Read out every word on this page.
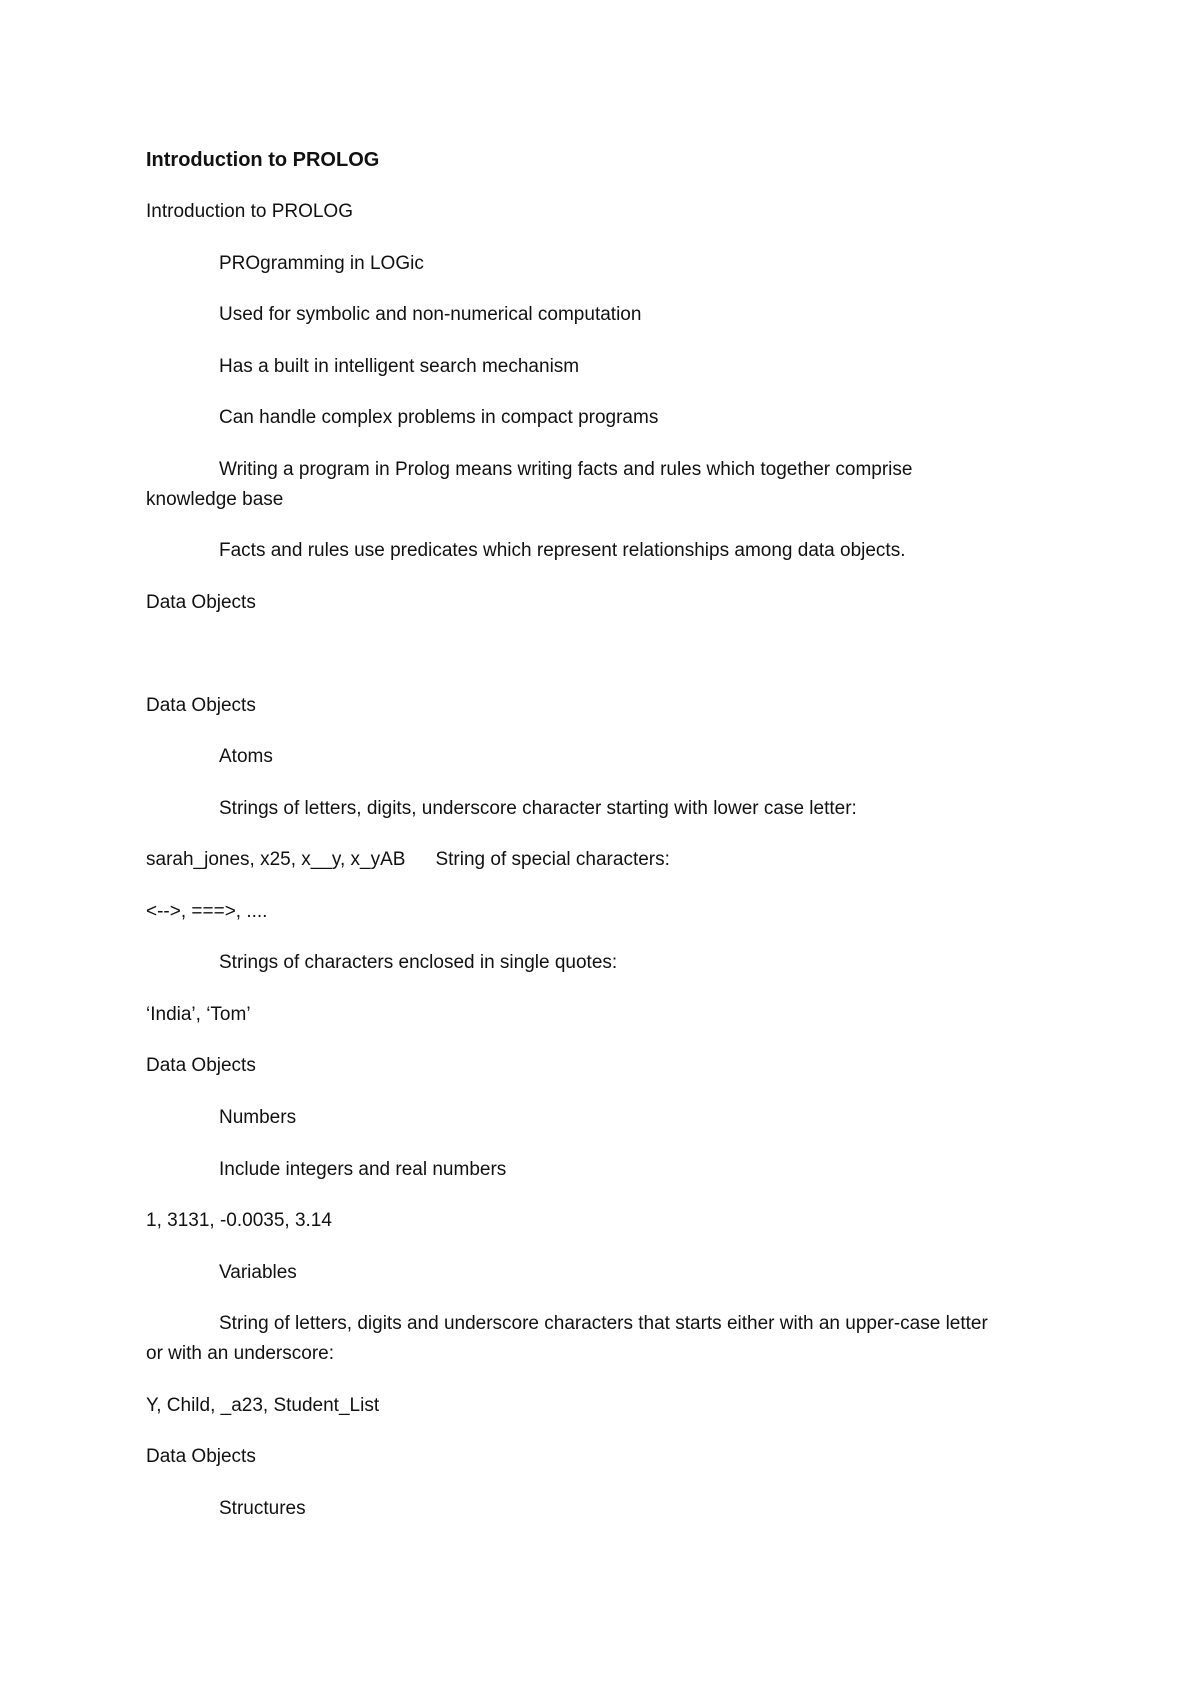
Introduction to PROLOG
Introduction to PROLOG
PROgramming in LOGic
Used for symbolic and non-numerical computation
Has a built in intelligent search mechanism
Can handle complex problems in compact programs
Writing a program in Prolog means writing facts and rules which together comprise
knowledge base
Facts and rules use predicates which represent relationships among data objects.
Data Objects
Data Objects
Atoms
Strings of letters, digits, underscore character starting with lower case letter:
sarah_jones, x25, x__y, x_yAB String of special characters:
<-->, ===>, ....
Strings of characters enclosed in single quotes:
‘India’, ‘Tom’
Data Objects
Numbers
Include integers and real numbers
1, 3131, -0.0035, 3.14
Variables
String of letters, digits and underscore characters that starts either with an upper-case letter
or with an underscore:
Y, Child, _a23, Student_List
Data Objects
Structures
